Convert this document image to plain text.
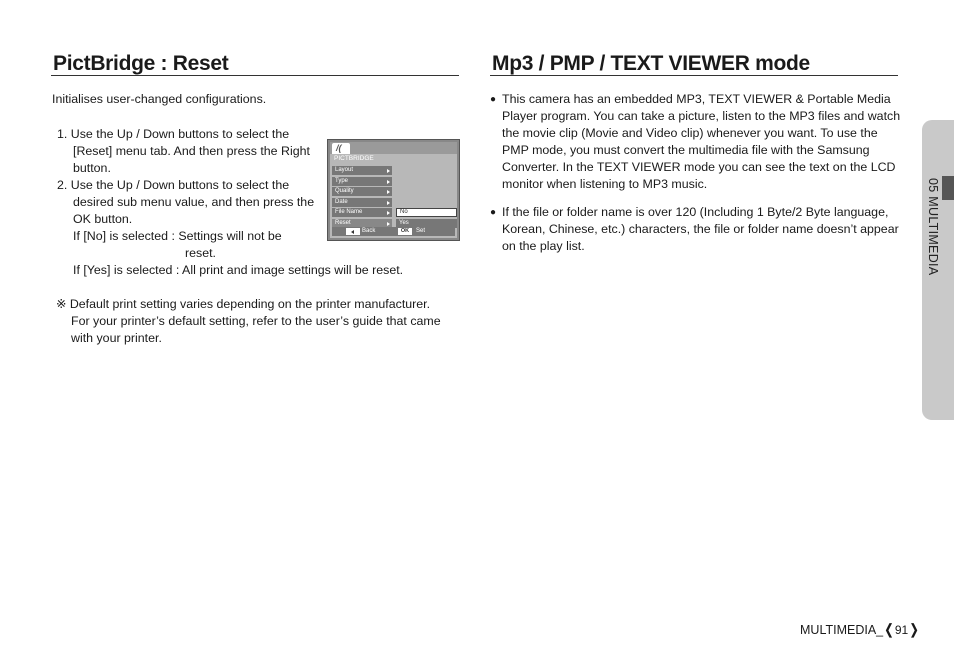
PictBridge : Reset
Initialises user-changed configurations.
1. Use the Up / Down buttons to select the
[Reset] menu tab. And then press the Right
button.
2. Use the Up / Down buttons to select the
desired sub menu value, and then press the
OK button.
If [No] is selected : Settings will not be
reset.
If [Yes] is selected : All print and image settings will be reset.
※ Default print setting varies depending on the printer manufacturer.
For your printer’s default setting, refer to the user’s guide that came
with your printer.
/(
PICTBRIDGE
Layout
Type
Quality
Date
File Name
Reset
No
Yes
Back	OK	Set
Mp3 / PMP / TEXT VIEWER mode
● This camera has an embedded MP3, TEXT VIEWER & Portable Media Player program. You can take a picture, listen to the MP3 files and watch the movie clip (Movie and Video clip) whenever you want. To use the PMP mode, you must convert the multimedia file with the Samsung Converter. In the TEXT VIEWER mode you can see the text on the LCD monitor when listening to MP3 music.
● If the file or folder name is over 120 (Including 1 Byte/2 Byte language, Korean, Chinese, etc.) characters, the file or folder name doesn’t appear on the play list.	05 MULTIMEDIA
MULTIMEDIA_❬91❭
